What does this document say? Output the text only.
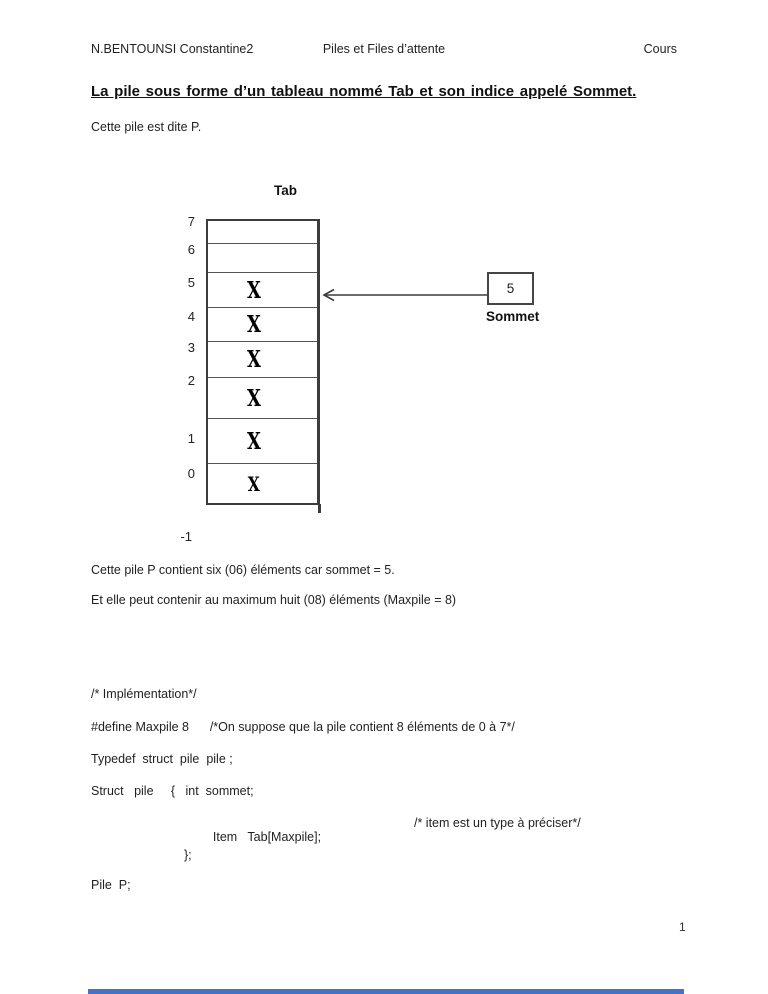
N.BENTOUNSI Constantine2	Piles et Files d’attente	Cours
La pile sous forme d’un tableau nommé Tab et son indice appelé Sommet.
Cette pile est dite P.
Tab
7
6
5
4
3
2
1
0
-1
X
X
X
X
X
X
5
Sommet
Cette pile P contient six (06) éléments car sommet = 5.
Et elle peut contenir au maximum huit (08) éléments (Maxpile = 8)
/* Implémentation*/
#define Maxpile 8      /*On suppose que la pile contient 8 éléments de 0 à 7*/
Typedef  struct  pile  pile ;
Struct   pile     {   int  sommet;

Item   Tab[Maxpile];

/* item est un type à préciser*/

};
Pile  P;
1
